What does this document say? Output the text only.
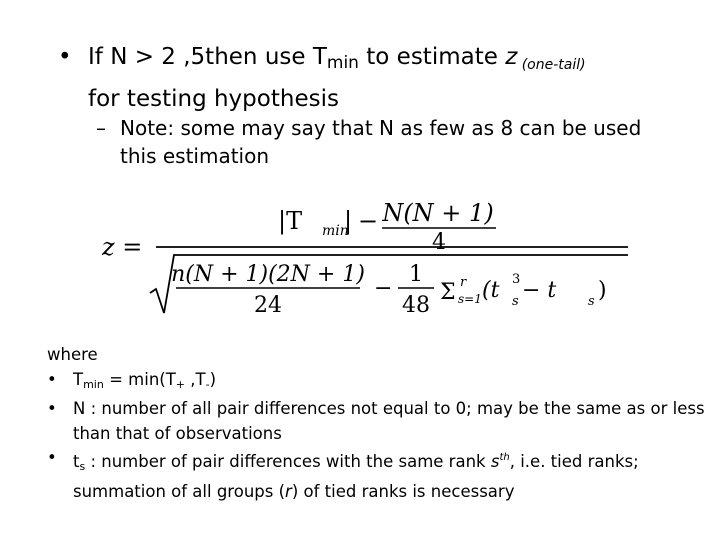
• If N > 2 ,5then use $T_{min}$ to estimate z $_{(one-tail)}$
for testing hypothesis
– Note: some may say that N as few as 8 can be used this estimation
z =
|T min
| − N(N + 1)
4
n(N + 1)(2N + 1)
24
−
1
48
Σ r
s=1 (t s
3 − t s )
where
• $T_{min} = \min(T_+$ $,T_-$)
• N : number of all pair differences not equal to 0; may be the same as or less than that of observations
• $t_s$ : number of pair differences with the same rank $s^{th}$, i.e. tied ranks; summation of all groups (r) of tied ranks is necessary
